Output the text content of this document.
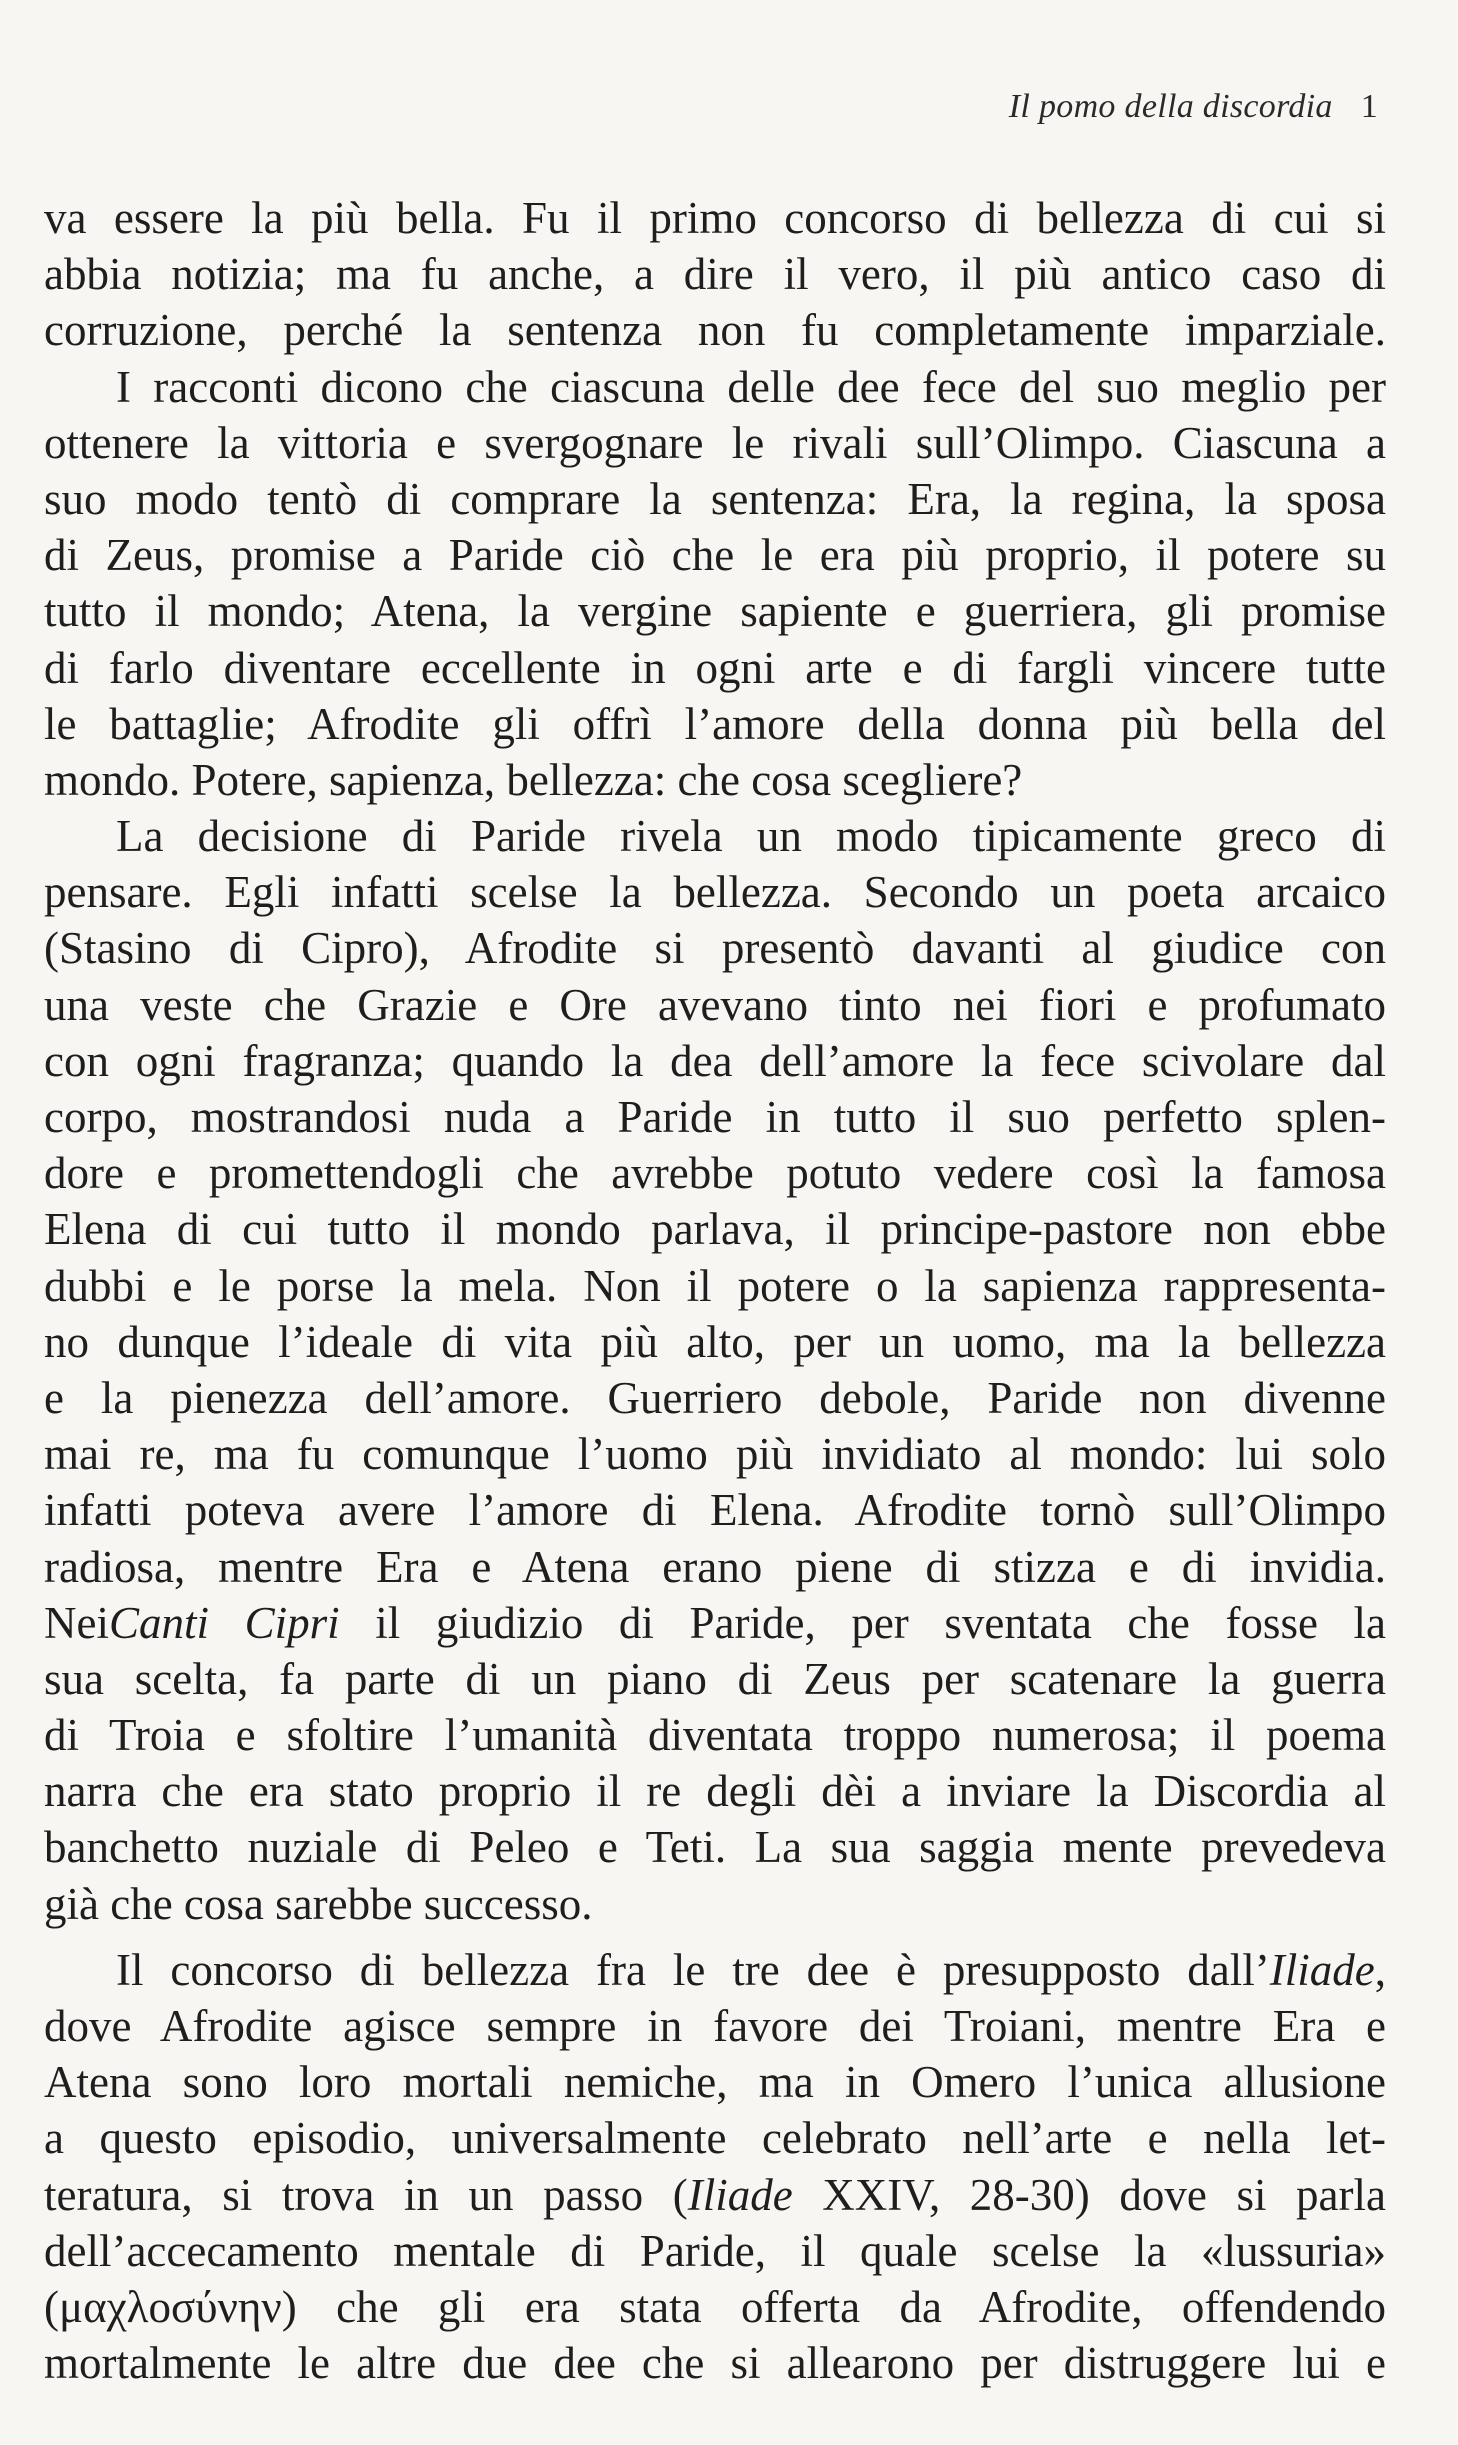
Il pomo della discordia 1
va essere la più bella. Fu il primo concorso di bellezza di cui si
abbia notizia; ma fu anche, a dire il vero, il più antico caso di
corruzione, perché la sentenza non fu completamente imparziale.
I racconti dicono che ciascuna delle dee fece del suo meglio per
ottenere la vittoria e svergognare le rivali sull’Olimpo. Ciascuna a
suo modo tentò di comprare la sentenza: Era, la regina, la sposa
di Zeus, promise a Paride ciò che le era più proprio, il potere su
tutto il mondo; Atena, la vergine sapiente e guerriera, gli promise
di farlo diventare eccellente in ogni arte e di fargli vincere tutte
le battaglie; Afrodite gli offrì l’amore della donna più bella del
mondo. Potere, sapienza, bellezza: che cosa scegliere?
La decisione di Paride rivela un modo tipicamente greco di
pensare. Egli infatti scelse la bellezza. Secondo un poeta arcaico
(Stasino di Cipro), Afrodite si presentò davanti al giudice con
una veste che Grazie e Ore avevano tinto nei fiori e profumato
con ogni fragranza; quando la dea dell’amore la fece scivolare dal
corpo, mostrandosi nuda a Paride in tutto il suo perfetto splen-
dore e promettendogli che avrebbe potuto vedere così la famosa
Elena di cui tutto il mondo parlava, il principe-pastore non ebbe
dubbi e le porse la mela. Non il potere o la sapienza rappresenta-
no dunque l’ideale di vita più alto, per un uomo, ma la bellezza
e la pienezza dell’amore. Guerriero debole, Paride non divenne
mai re, ma fu comunque l’uomo più invidiato al mondo: lui solo
infatti poteva avere l’amore di Elena. Afrodite tornò sull’Olimpo
radiosa, mentre Era e Atena erano piene di stizza e di invidia.
NeiCanti Cipri il giudizio di Paride, per sventata che fosse la
sua scelta, fa parte di un piano di Zeus per scatenare la guerra
di Troia e sfoltire l’umanità diventata troppo numerosa; il poema
narra che era stato proprio il re degli dèi a inviare la Discordia al
banchetto nuziale di Peleo e Teti. La sua saggia mente prevedeva
già che cosa sarebbe successo.
Il concorso di bellezza fra le tre dee è presupposto dall’Iliade,
dove Afrodite agisce sempre in favore dei Troiani, mentre Era e
Atena sono loro mortali nemiche, ma in Omero l’unica allusione
a questo episodio, universalmente celebrato nell’arte e nella let-
teratura, si trova in un passo (Iliade XXIV, 28-30) dove si parla
dell’accecamento mentale di Paride, il quale scelse la «lussuria»
(μαχλοσύνην) che gli era stata offerta da Afrodite, offendendo
mortalmente le altre due dee che si allearono per distruggere lui e
